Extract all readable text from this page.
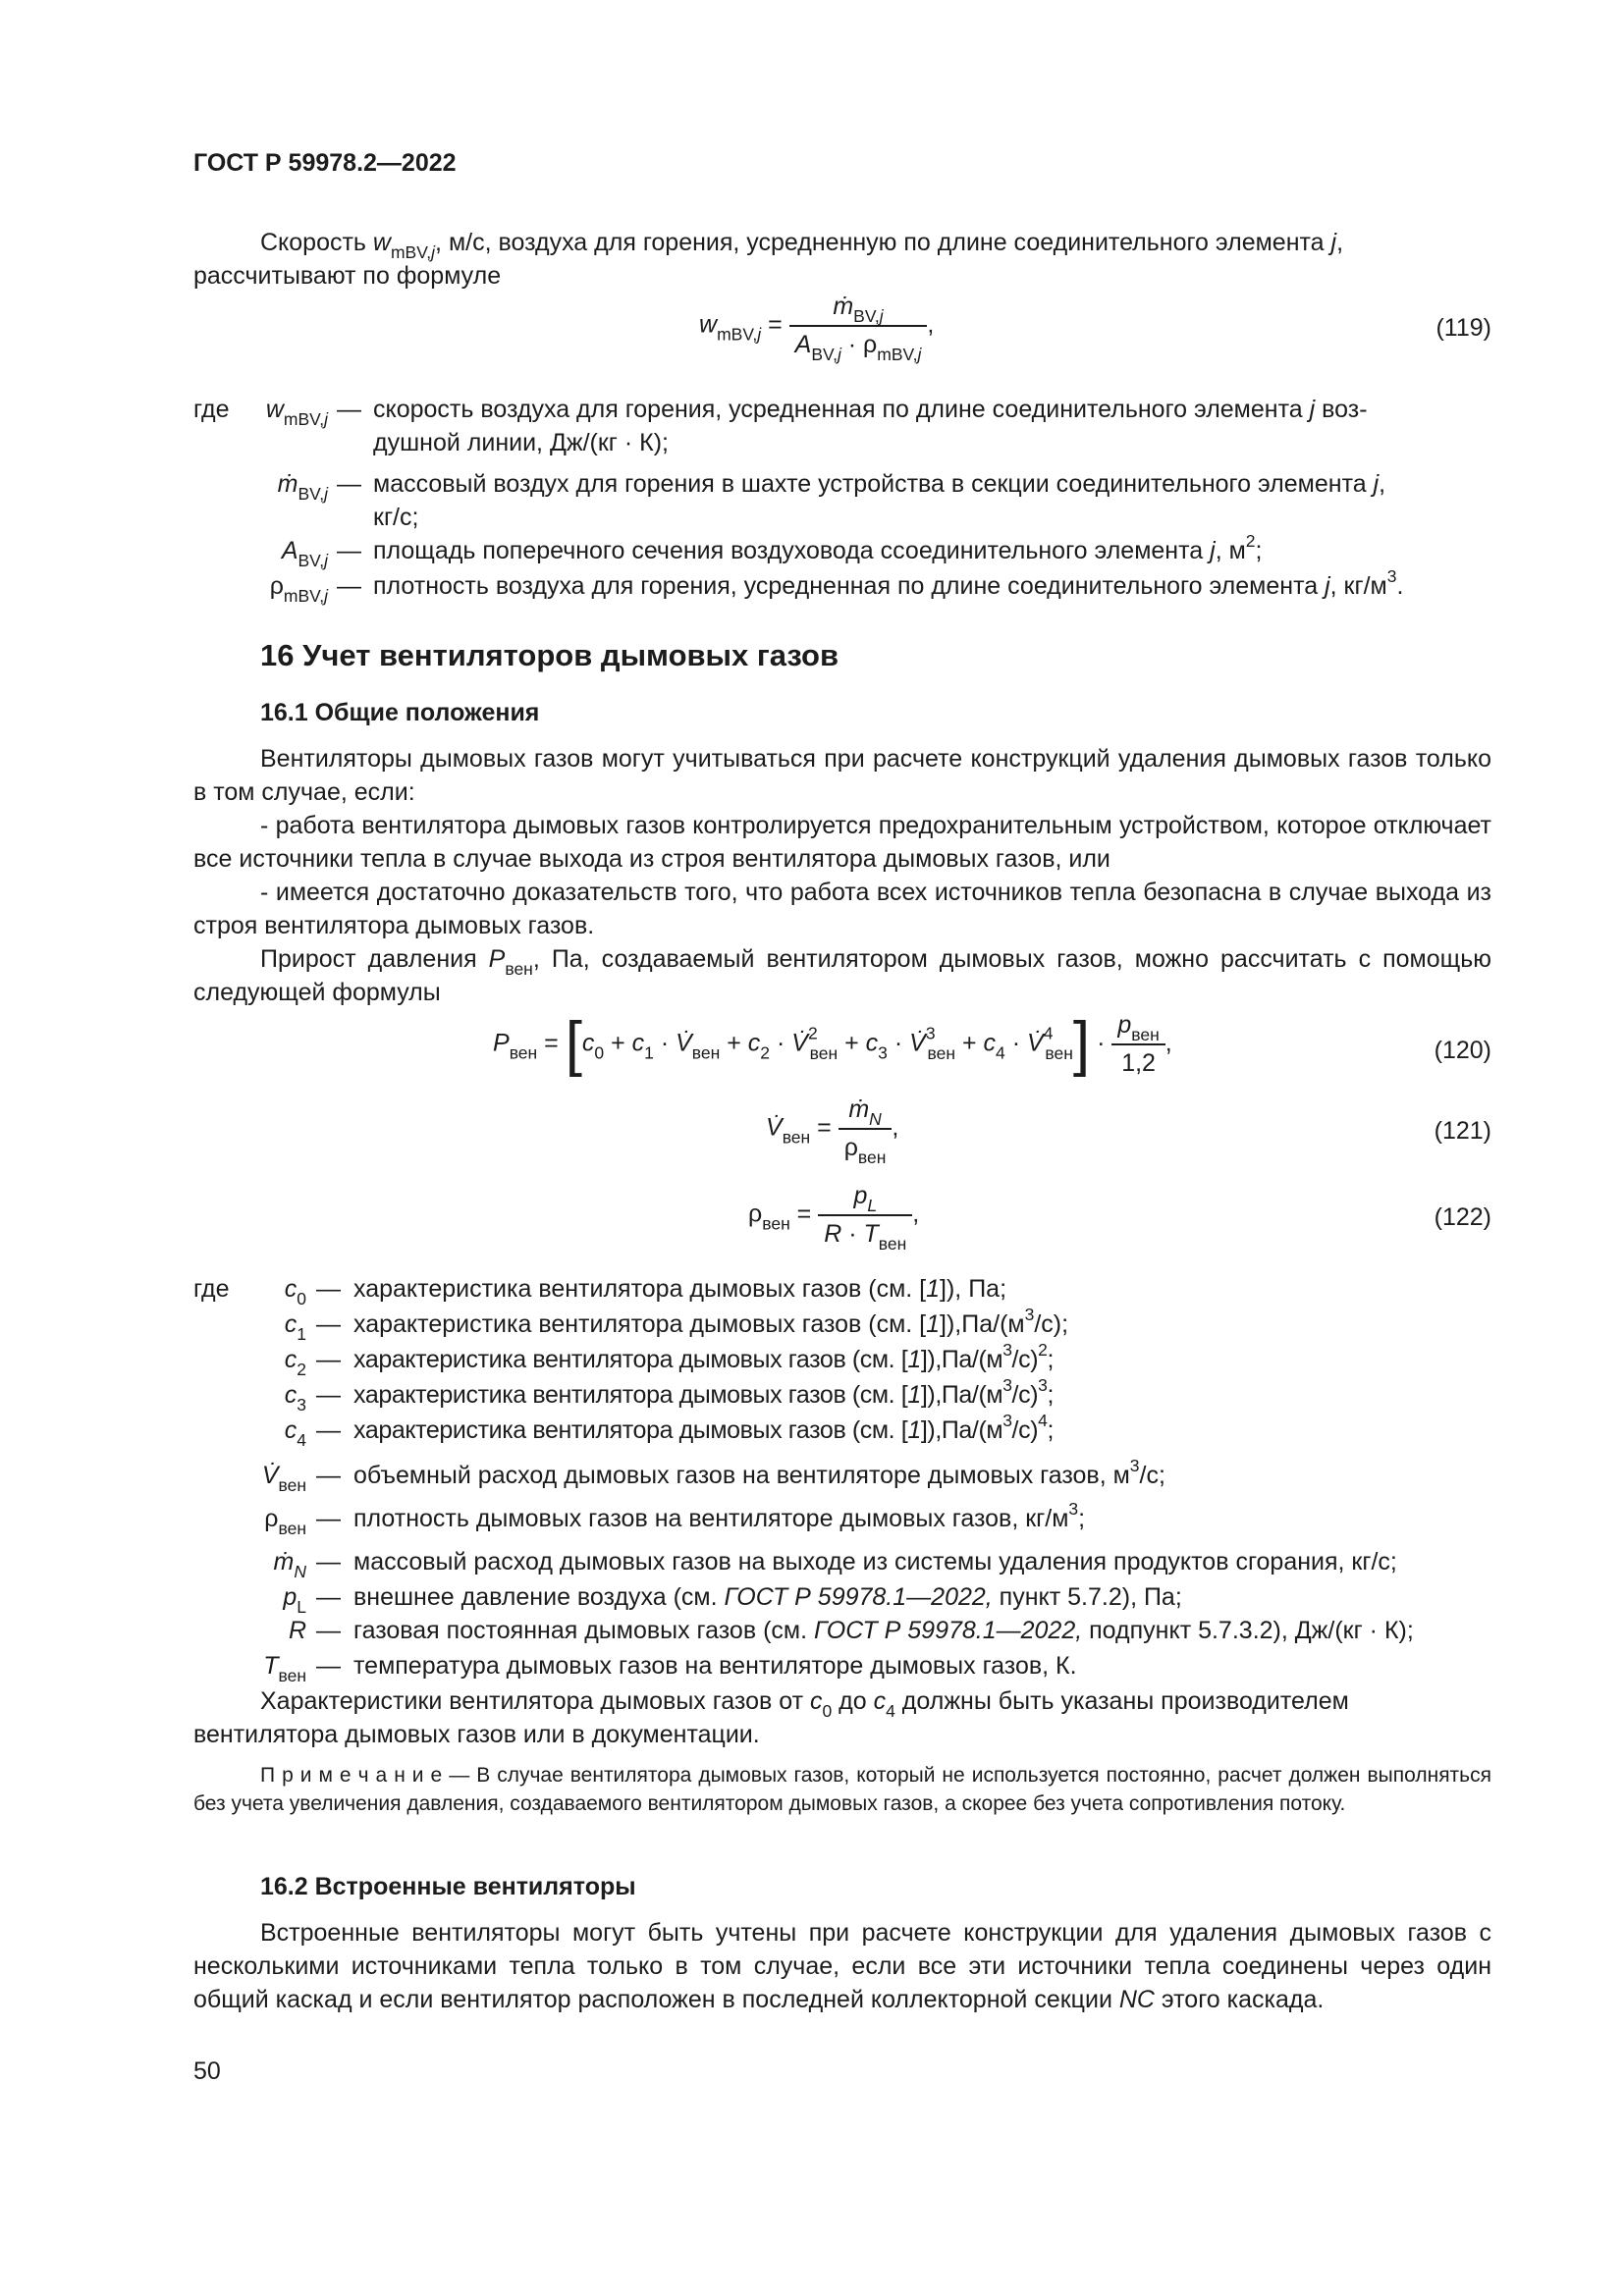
ГОСТ Р 59978.2—2022
Скорость $w_{mBV,j}$, м/с, воздуха для горения, усредненную по длине соединительного элемента j,
рассчитывают по формуле
$w_{mBV,j} = \frac{ṁ_{BV,j}}{A_{BV,j} \cdot \rho_{mBV,j}}$ ,	(119)
где $w_{mBV,j}$ — скорость воздуха для горения, усредненная по длине соединительного элемента j воз-
душной линии, Дж/(кг · К);
ṁ$_{BV,j}$ — массовый воздух для горения в шахте устройства в секции соединительного элемента j,
кг/с;
$A_{BV,j}$ — площадь поперечного сечения воздуховода ссоединительного элемента j, $м^2$;
$\rho_{mBV,j}$ — плотность воздуха для горения, усредненная по длине соединительного элемента j, $кг/м^3$.
16 Учет вентиляторов дымовых газов
16.1 Общие положения
Вентиляторы дымовых газов могут учитываться при расчете конструкций удаления дымовых газов только в том случае, если:
- работа вентилятора дымовых газов контролируется предохранительным устройством, которое отключает все источники тепла в случае выхода из строя вентилятора дымовых газов, или
- имеется достаточно доказательств того, что работа всех источников тепла безопасна в случае выхода из строя вентилятора дымовых газов.
Прирост давления $P_{вен}$, Па, создаваемый вентилятором дымовых газов, можно рассчитать с помощью следующей формулы
$P_{вен} = [c_0 + c_1$ · $V̇_{вен} + c_2$ · V̇$^2_{вен}$ + $c_3$ · V̇$^3_{вен}$ + $c_4$ · V̇$^4_{вен}$] · $\frac{p_{вен}}{1,2}$ ,	(120)
$V̇_{вен} = \frac{ṁ_N}{\rho_{вен}}$ ,	(121)
$\rho_{вен} = \frac{p_L}{R \cdot T_{вен}}$ ,	(122)
где $c_0$ — характеристика вентилятора дымовых газов (см. [1]), Па;
$c_1$ — характеристика вентилятора дымовых газов (см. $[1]),Па/(м^3/с)$;
$c_2$ — характеристика вентилятора дымовых газов (см. $[1]),Па/(м^3/с)^2$;
$c_3$ — характеристика вентилятора дымовых газов (см. $[1]),Па/(м^3/с)^3$;
$c_4$ — характеристика вентилятора дымовых газов (см. $[1]),Па/(м^3/с)^4$;
$V̇_{вен}$ — объемный расход дымовых газов на вентиляторе дымовых газов, $м^3/с$;
$\rho_{вен}$ — плотность дымовых газов на вентиляторе дымовых газов, $кг/м^3$;
ṁ$_N$ — массовый расход дымовых газов на выходе из системы удаления продуктов сгорания, кг/с;
$p_L$ — внешнее давление воздуха (см. ГОСТ Р 59978.1—2022, пункт 5.7.2), Па;
R — газовая постоянная дымовых газов (см. ГОСТ Р 59978.1—2022, подпункт 5.7.3.2), Дж/(кг · К);
$T_{вен}$ — температура дымовых газов на вентиляторе дымовых газов, К.
Характеристики вентилятора дымовых газов от $c_0$ до $c_4$ должны быть указаны производителем
вентилятора дымовых газов или в документации.
П р и м е ч а н и е — В случае вентилятора дымовых газов, который не используется постоянно, расчет должен выполняться без учета увеличения давления, создаваемого вентилятором дымовых газов, а скорее без учета сопротивления потоку.
16.2 Встроенные вентиляторы
Встроенные вентиляторы могут быть учтены при расчете конструкции для удаления дымовых газов с несколькими источниками тепла только в том случае, если все эти источники тепла соединены через один общий каскад и если вентилятор расположен в последней коллекторной секции NC этого каскада.
50
